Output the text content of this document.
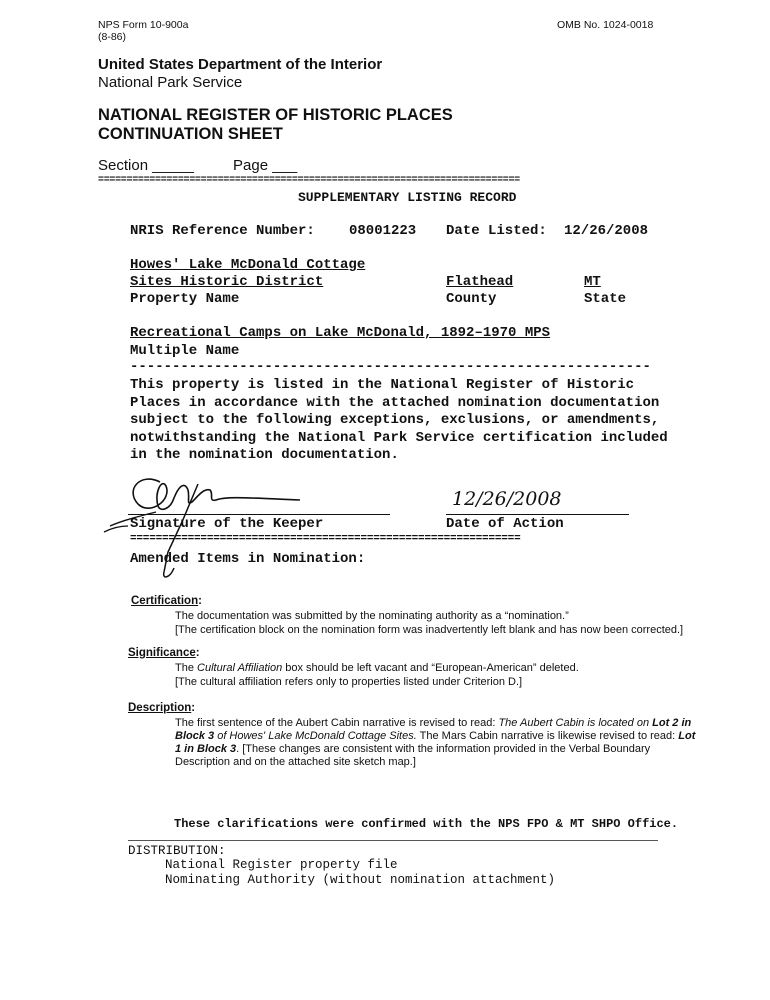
NPS Form 10-900a
(8-86)
OMB No. 1024-0018
United States Department of the Interior
National Park Service
NATIONAL REGISTER OF HISTORIC PLACES
CONTINUATION SHEET
Section _____	Page ___
==========================================================================
SUPPLEMENTARY LISTING RECORD
NRIS Reference Number: 08001223 Date Listed: 12/26/2008
Howes' Lake McDonald Cottage
Sites Historic District
Property Name
Flathead
County
MT
State
Recreational Camps on Lake McDonald, 1892–1970 MPS
Multiple Name
--------------------------------------------------------------
This property is listed in the National Register of Historic
Places in accordance with the attached nomination documentation
subject to the following exceptions, exclusions, or amendments,
notwithstanding the National Park Service certification included
in the nomination documentation.
Signature of the Keeper
12/26/2008
Date of Action
=============================================================
Amended Items in Nomination:
Certification:
The documentation was submitted by the nominating authority as a “nomination.”
[The certification block on the nomination form was inadvertently left blank and has now been corrected.]
Significance:
The Cultural Affiliation box should be left vacant and “European-American” deleted.
[The cultural affiliation refers only to properties listed under Criterion D.]
Description:
The first sentence of the Aubert Cabin narrative is revised to read: The Aubert Cabin is located on Lot 2 in
Block 3 of Howes' Lake McDonald Cottage Sites. The Mars Cabin narrative is likewise revised to read: Lot
1 in Block 3. [These changes are consistent with the information provided in the Verbal Boundary
Description and on the attached site sketch map.]
These clarifications were confirmed with the NPS FPO & MT SHPO Office.
DISTRIBUTION:
National Register property file
Nominating Authority (without nomination attachment)
